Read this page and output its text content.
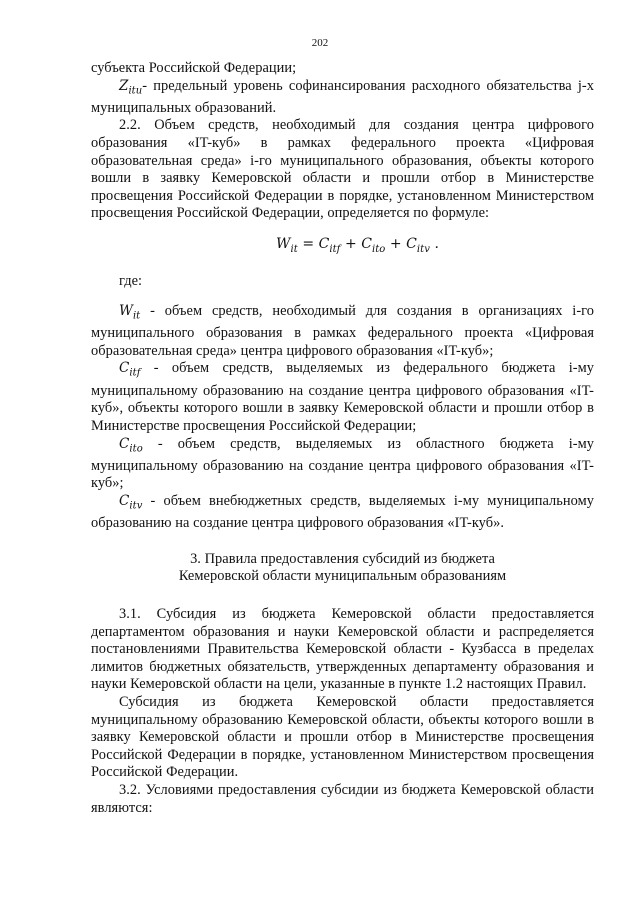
202

субъекта Российской Федерации;

$Z_{itu}-$ предельный уровень софинансирования расходного обязательства j-х муниципальных образований.

2.2. Объем средств, необходимый для создания центра цифрового образования «IT-куб» в рамках федерального проекта «Цифровая образовательная среда» i-го муниципального образования, объекты которого вошли в заявку Кемеровской области и прошли отбор в Министерстве просвещения Российской Федерации в порядке, установленном Министерством просвещения Российской Федерации, определяется по формуле:

$W_{it} = C_{itf} + C_{ito} + C_{itv}$ .

где:

$W_{it}$ - объем средств, необходимый для создания в организациях i-го муниципального образования в рамках федерального проекта «Цифровая образовательная среда» центра цифрового образования «IT-куб»;

$C_{itf}$ - объем средств, выделяемых из федерального бюджета i-му муниципальному образованию на создание центра цифрового образования «IT-куб», объекты которого вошли в заявку Кемеровской области и прошли отбор в Министерстве просвещения Российской Федерации;

$C_{ito}$ - объем средств, выделяемых из областного бюджета i-му муниципальному образованию на создание центра цифрового образования «IT-куб»;

$C_{itv}$ - объем внебюджетных средств, выделяемых i-му муниципальному образованию на создание центра цифрового образования «IT-куб».

3. Правила предоставления субсидий из бюджета
Кемеровской области муниципальным образованиям

3.1. Субсидия из бюджета Кемеровской области предоставляется департаментом образования и науки Кемеровской области и распределяется постановлениями Правительства Кемеровской области - Кузбасса в пределах лимитов бюджетных обязательств, утвержденных департаменту образования и науки Кемеровской области на цели, указанные в пункте 1.2 настоящих Правил.

Субсидия из бюджета Кемеровской области предоставляется муниципальному образованию Кемеровской области, объекты которого вошли в заявку Кемеровской области и прошли отбор в Министерстве просвещения Российской Федерации в порядке, установленном Министерством просвещения Российской Федерации.

3.2. Условиями предоставления субсидии из бюджета Кемеровской области являются:
